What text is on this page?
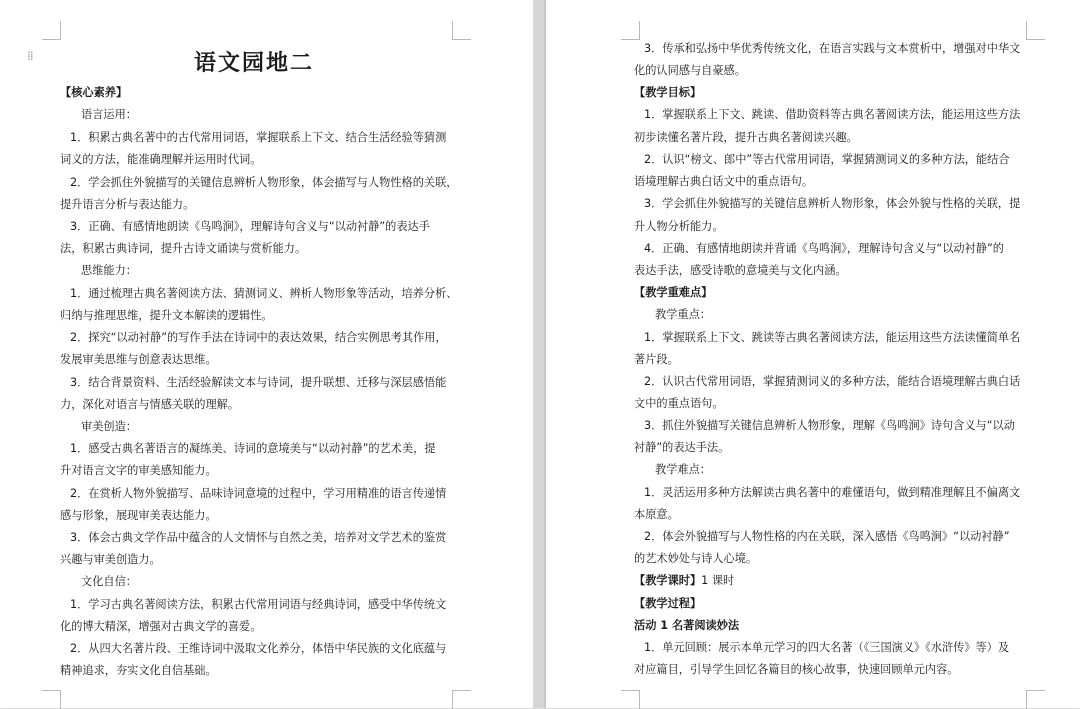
⁞⁞	语文园地二
【核心素养】
语言运用：
1．积累古典名著中的古代常用词语，掌握联系上下文、结合生活经验等猜测
词义的方法，能准确理解并运用时代词。
2．学会抓住外貌描写的关键信息辨析人物形象，体会描写与人物性格的关联，
提升语言分析与表达能力。
3．正确、有感情地朗读《鸟鸣涧》，理解诗句含义与“以动衬静”的表达手
法，积累古典诗词，提升古诗文诵读与赏析能力。
思维能力：
1．通过梳理古典名著阅读方法、猜测词义、辨析人物形象等活动，培养分析、
归纳与推理思维，提升文本解读的逻辑性。
2．探究“以动衬静”的写作手法在诗词中的表达效果，结合实例思考其作用，
发展审美思维与创意表达思维。
3．结合背景资料、生活经验解读文本与诗词，提升联想、迁移与深层感悟能
力，深化对语言与情感关联的理解。
审美创造：
1．感受古典名著语言的凝练美、诗词的意境美与“以动衬静”的艺术美，提
升对语言文字的审美感知能力。
2．在赏析人物外貌描写、品味诗词意境的过程中，学习用精准的语言传递情
感与形象，展现审美表达能力。
3．体会古典文学作品中蕴含的人文情怀与自然之美，培养对文学艺术的鉴赏
兴趣与审美创造力。
文化自信：
1．学习古典名著阅读方法，积累古代常用词语与经典诗词，感受中华传统文
化的博大精深，增强对古典文学的喜爱。
2．从四大名著片段、王维诗词中汲取文化养分，体悟中华民族的文化底蕴与
精神追求，夯实文化自信基础。
3．传承和弘扬中华优秀传统文化，在语言实践与文本赏析中，增强对中华文
化的认同感与自豪感。
【教学目标】
1．掌握联系上下文、跳读、借助资料等古典名著阅读方法，能运用这些方法
初步读懂名著片段，提升古典名著阅读兴趣。
2．认识“榜文、郎中”等古代常用词语，掌握猜测词义的多种方法，能结合
语境理解古典白话文中的重点语句。
3．学会抓住外貌描写的关键信息辨析人物形象，体会外貌与性格的关联，提
升人物分析能力。
4．正确、有感情地朗读并背诵《鸟鸣涧》，理解诗句含义与“以动衬静”的
表达手法，感受诗歌的意境美与文化内涵。
【教学重难点】
教学重点：
1．掌握联系上下文、跳读等古典名著阅读方法，能运用这些方法读懂简单名
著片段。
2．认识古代常用词语，掌握猜测词义的多种方法，能结合语境理解古典白话
文中的重点语句。
3．抓住外貌描写关键信息辨析人物形象，理解《鸟鸣涧》诗句含义与“以动
衬静”的表达手法。
教学难点：
1．灵活运用多种方法解读古典名著中的难懂语句，做到精准理解且不偏离文
本原意。
2．体会外貌描写与人物性格的内在关联，深入感悟《鸟鸣涧》“以动衬静”
的艺术妙处与诗人心境。
【教学课时】1 课时
【教学过程】
活动 1 名著阅读妙法
1．单元回顾：展示本单元学习的四大名著（《三国演义》《水浒传》等）及
对应篇目，引导学生回忆各篇目的核心故事，快速回顾单元内容。
